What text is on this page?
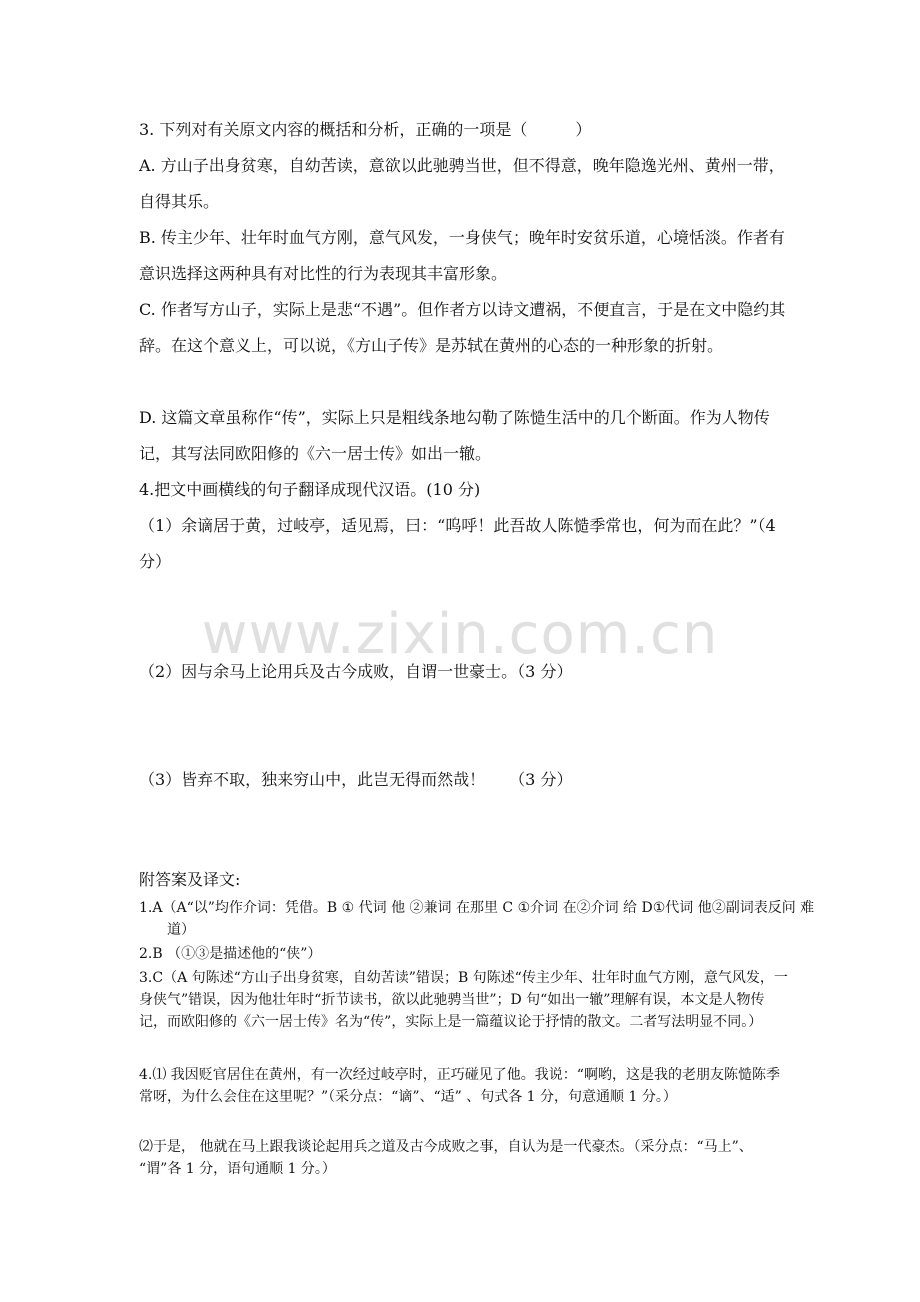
3. 下列对有关原文内容的概括和分析，正确的一项是（　　　）

A. 方山子出身贫寒，自幼苦读，意欲以此驰骋当世，但不得意，晚年隐逸光州、黄州一带，自得其乐。

B. 传主少年、壮年时血气方刚，意气风发，一身侠气；晚年时安贫乐道，心境恬淡。作者有意识选择这两种具有对比性的行为表现其丰富形象。

C. 作者写方山子，实际上是悲“不遇”。但作者方以诗文遭祸，不便直言，于是在文中隐约其辞。在这个意义上，可以说，《方山子传》是苏轼在黄州的心态的一种形象的折射。

D. 这篇文章虽称作“传”，实际上只是粗线条地勾勒了陈慥生活中的几个断面。作为人物传记，其写法同欧阳修的《六一居士传》如出一辙。

4.把文中画横线的句子翻译成现代汉语。(10 分)

（1）余谪居于黄，过岐亭，适见焉，曰：“呜呼！此吾故人陈慥季常也，何为而在此？”（4 分）

www.zixin.com.cn

（2）因与余马上论用兵及古今成败，自谓一世豪士。（3 分）

（3）皆弃不取，独来穷山中，此岂无得而然哉！　　（3 分）

附答案及译文:

1.A（A“以”均作介词：凭借。B ① 代词 他 ②兼词 在那里 C ①介词 在②介词 给 D①代词 他②副词表反问 难道）

2.B （①③是描述他的“侠”）

3.C（A 句陈述“方山子出身贫寒，自幼苦读”错误；B 句陈述“传主少年、壮年时血气方刚，意气风发，一身侠气”错误，因为他壮年时“折节读书，欲以此驰骋当世”；D 句“如出一辙”理解有误，本文是人物传记，而欧阳修的《六一居士传》名为“传”，实际上是一篇蕴议论于抒情的散文。二者写法明显不同。）

4.⑴ 我因贬官居住在黄州，有一次经过岐亭时，正巧碰见了他。我说：“啊哟，这是我的老朋友陈慥陈季常呀，为什么会住在这里呢？”（采分点：“谪”、“适” 、句式各 1 分，句意通顺 1 分。）

⑵于是， 他就在马上跟我谈论起用兵之道及古今成败之事，自认为是一代豪杰。（采分点：“马上”、 “谓”各 1 分，语句通顺 1 分。）
